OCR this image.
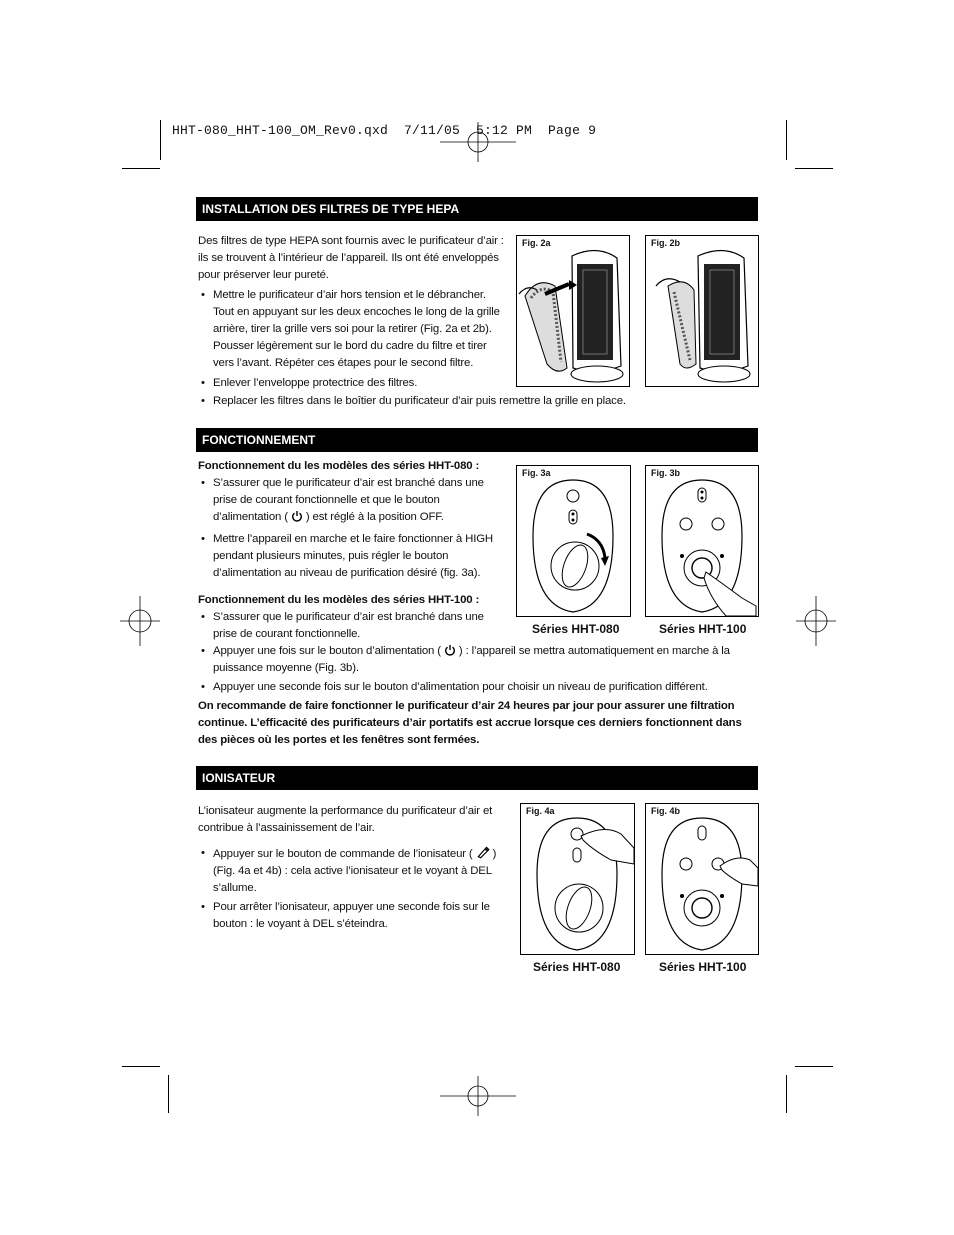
HHT-080_HHT-100_OM_Rev0.qxd  7/11/05  5:12 PM  Page 9
INSTALLATION DES FILTRES DE TYPE HEPA

Des filtres de type HEPA sont fournis avec le purificateur d’air : ils se trouvent à l’intérieur de l’appareil. Ils ont été enveloppés pour préserver leur pureté.

• Mettre le purificateur d’air hors tension et le débrancher. Tout en appuyant sur les deux encoches le long de la grille arrière, tirer la grille vers soi pour la retirer (Fig. 2a et 2b). Pousser légèrement sur le bord du cadre du filtre et tirer vers l’avant. Répéter ces étapes pour le second filtre.

• Enlever l’enveloppe protectrice des filtres.

• Replacer les filtres dans le boîtier du purificateur d’air puis remettre la grille en place.

Fig. 2a	Fig. 2b
FONCTIONNEMENT

Fonctionnement du les modèles des séries HHT-080 :

• S’assurer que le purificateur d’air est branché dans une prise de courant fonctionnelle et que le bouton d’alimentation ( ) est réglé à la position OFF.

• Mettre l’appareil en marche et le faire fonctionner à HIGH pendant plusieurs minutes, puis régler le bouton d’alimentation au niveau de purification désiré (fig. 3a).

Fonctionnement du les modèles des séries HHT-100 :

• S’assurer que le purificateur d’air est branché dans une prise de courant fonctionnelle.

• Appuyer une fois sur le bouton d’alimentation ( ) : l’appareil se mettra automatiquement en marche à la puissance moyenne (Fig. 3b).

• Appuyer une seconde fois sur le bouton d’alimentation pour choisir un niveau de purification différent.

On recommande de faire fonctionner le purificateur d’air 24 heures par jour pour assurer une filtration continue. L’efficacité des purificateurs d’air portatifs est accrue lorsque ces derniers fonctionnent dans des pièces où les portes et les fenêtres sont fermées.

Fig. 3a	Fig. 3b
Séries HHT-080	Séries HHT-100
IONISATEUR

L’ionisateur augmente la performance du purificateur d’air et contribue à l’assainissement de l’air.

• Appuyer sur le bouton de commande de l’ionisateur ( )
(Fig. 4a et 4b) : cela active l’ionisateur et le voyant à DEL s’allume.

• Pour arrêter l’ionisateur, appuyer une seconde fois sur le bouton : le voyant à DEL s’éteindra.

Fig. 4a	Fig. 4b
Séries HHT-080	Séries HHT-100
